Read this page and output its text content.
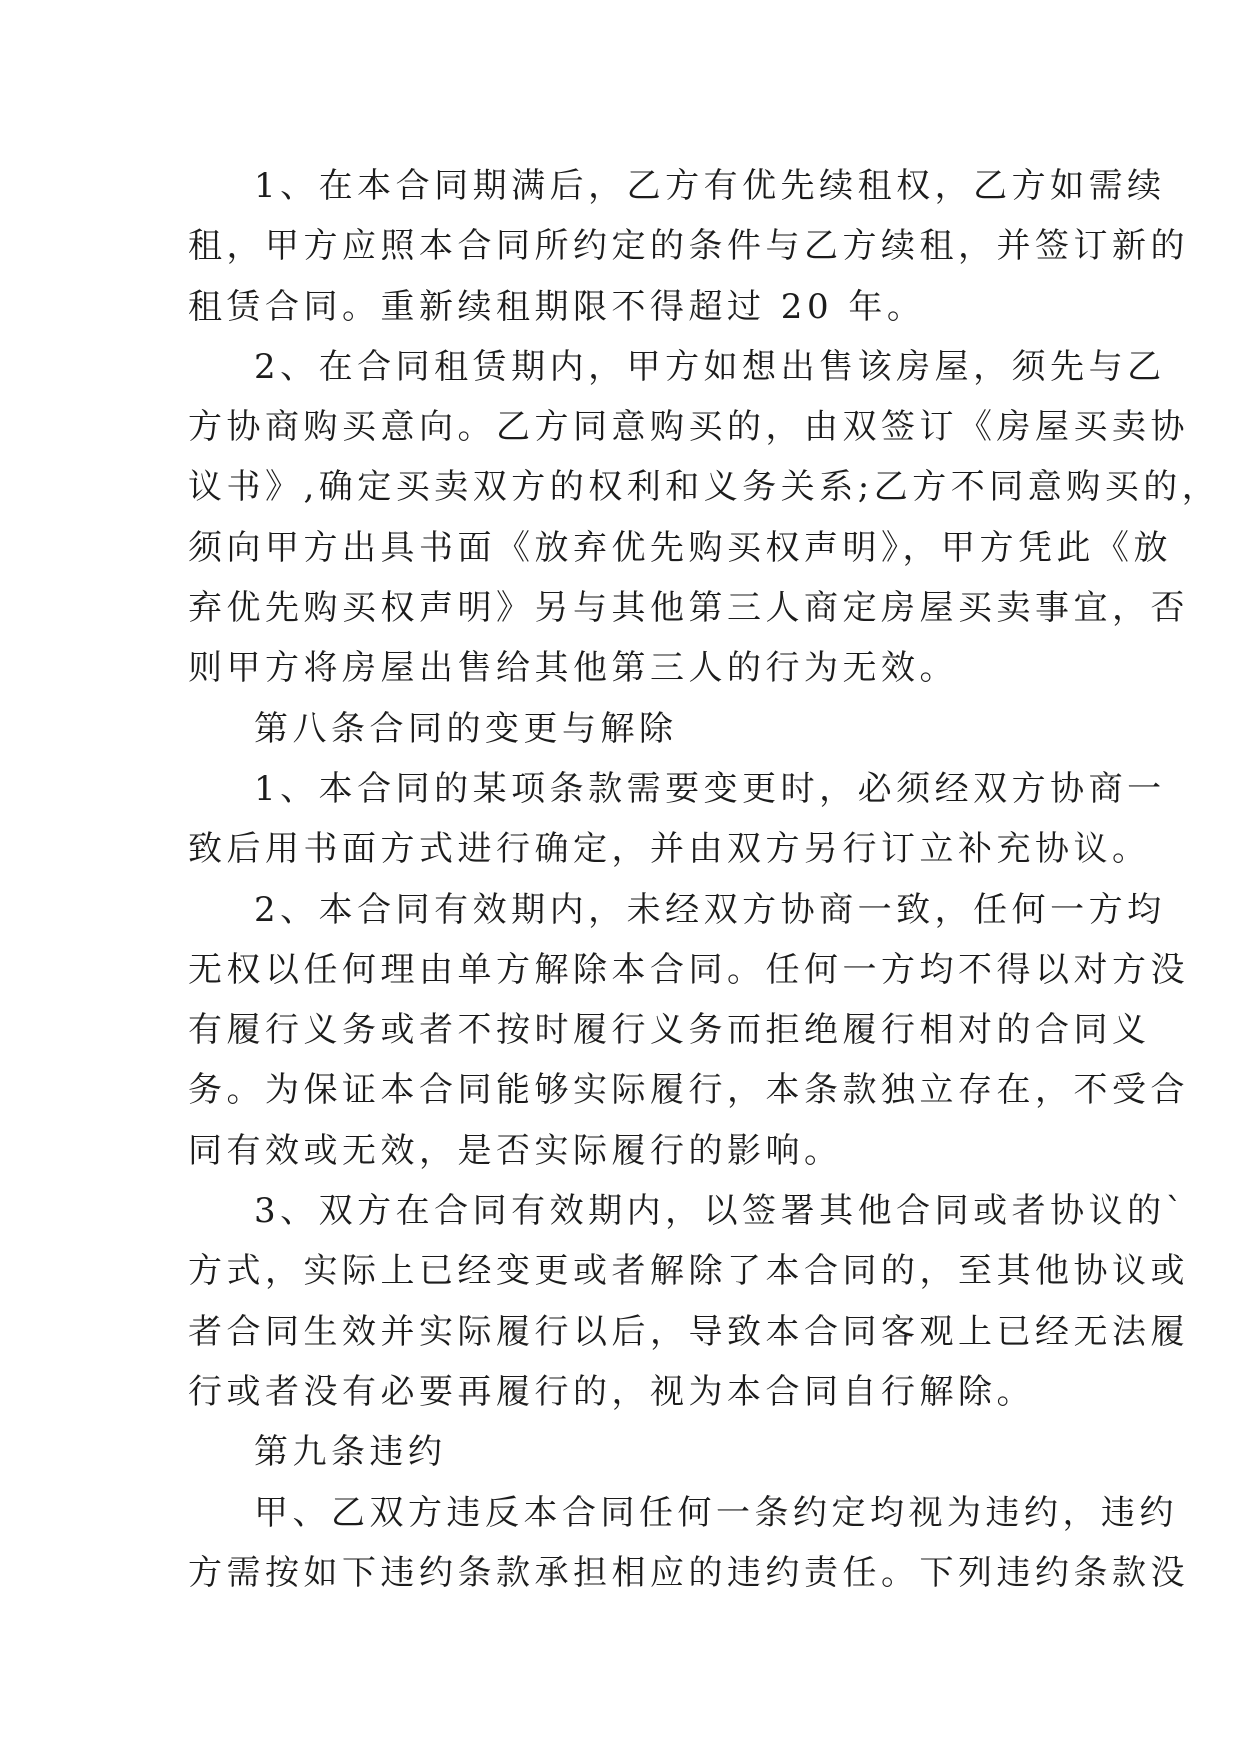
1、在本合同期满后，乙方有优先续租权，乙方如需续
租，甲方应照本合同所约定的条件与乙方续租，并签订新的
租赁合同。重新续租期限不得超过 20 年。
2、在合同租赁期内，甲方如想出售该房屋，须先与乙
方协商购买意向。乙方同意购买的，由双签订《房屋买卖协
议书》,确定买卖双方的权利和义务关系;乙方不同意购买的，
须向甲方出具书面《放弃优先购买权声明》，甲方凭此《放
弃优先购买权声明》另与其他第三人商定房屋买卖事宜，否
则甲方将房屋出售给其他第三人的行为无效。
第八条合同的变更与解除
1、本合同的某项条款需要变更时，必须经双方协商一
致后用书面方式进行确定，并由双方另行订立补充协议。
2、本合同有效期内，未经双方协商一致，任何一方均
无权以任何理由单方解除本合同。任何一方均不得以对方没
有履行义务或者不按时履行义务而拒绝履行相对的合同义
务。为保证本合同能够实际履行，本条款独立存在，不受合
同有效或无效，是否实际履行的影响。
3、双方在合同有效期内，以签署其他合同或者协议的`
方式，实际上已经变更或者解除了本合同的，至其他协议或
者合同生效并实际履行以后，导致本合同客观上已经无法履
行或者没有必要再履行的，视为本合同自行解除。
第九条违约
甲、乙双方违反本合同任何一条约定均视为违约，违约
方需按如下违约条款承担相应的违约责任。下列违约条款没
